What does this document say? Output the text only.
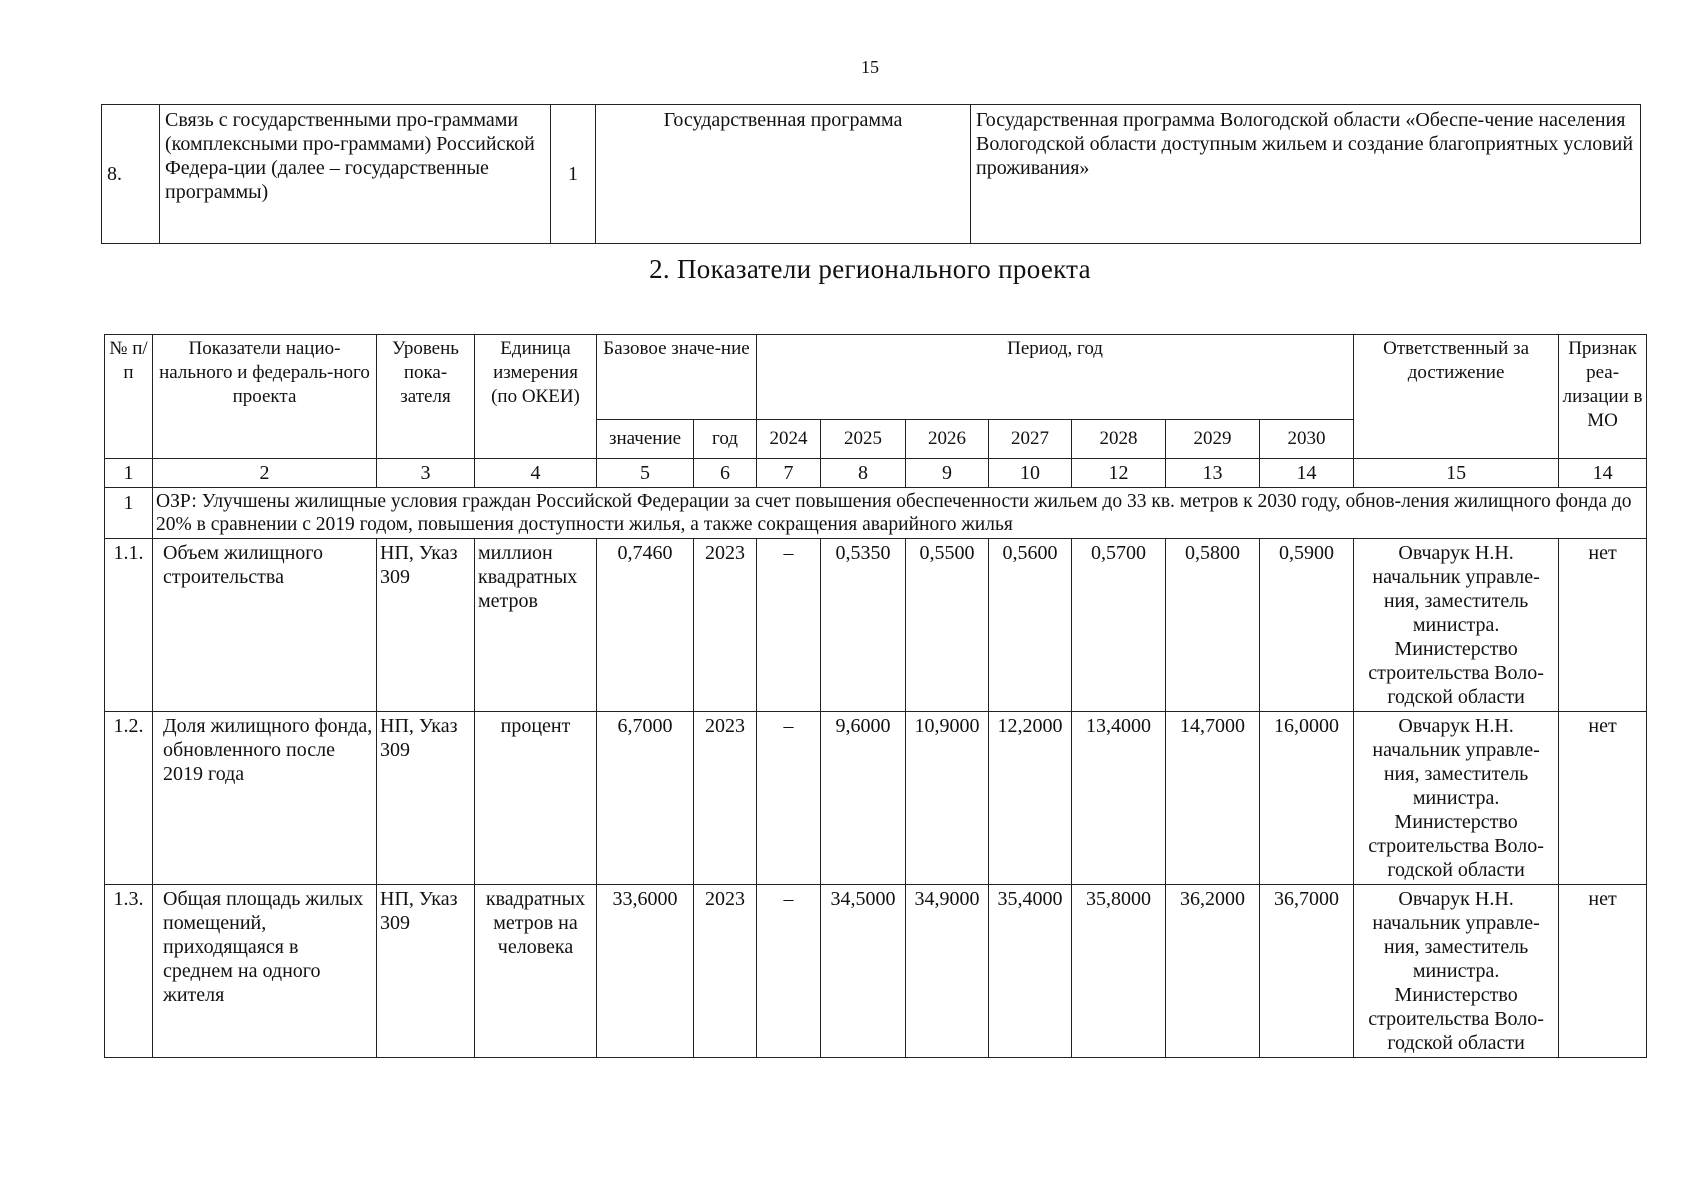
15
8.	Связь с государственными про-граммами (комплексными про-граммами) Российской Федера-ции (далее – государственные программы)	1	Государственная программа	Государственная программа Вологодской области «Обеспе-чение населения Вологодской области доступным жильем и создание благоприятных условий проживания»
2. Показатели регионального проекта
№ п/п	Показатели нацио-нального и федераль-ного проекта	Уровень пока-зателя	Единица измерения (по ОКЕИ)	Базовое значе-ние		Период, год							Ответственный за достижение	Признак реа-лизации в МО
				значение	год	2024	2025	2026	2027	2028	2029	2030		
1	2	3	4	5	6	7	8	9	10	12	13	14	15	14
1	ОЗР: Улучшены жилищные условия граждан Российской Федерации за счет повышения обеспеченности жильем до 33 кв. метров к 2030 году, обнов-ления жилищного фонда до 20% в сравнении с 2019 годом, повышения доступности жилья, а также сокращения аварийного жилья													
1.1.	Объем жилищного строительства	НП, Указ 309	миллион квадратных метров	0,7460	2023	–	0,5350	0,5500	0,5600	0,5700	0,5800	0,5900	Овчарук Н.Н. начальник управле-ния, заместитель министра. Министерство строительства Воло-годской области	нет
1.2.	Доля жилищного фонда, обновленного после 2019 года	НП, Указ 309	процент	6,7000	2023	–	9,6000	10,9000	12,2000	13,4000	14,7000	16,0000	Овчарук Н.Н. начальник управле-ния, заместитель министра. Министерство строительства Воло-годской области	нет
1.3.	Общая площадь жилых помещений, приходящаяся в среднем на одного жителя	НП, Указ 309	квадратных метров на человека	33,6000	2023	–	34,5000	34,9000	35,4000	35,8000	36,2000	36,7000	Овчарук Н.Н. начальник управле-ния, заместитель министра. Министерство строительства Воло-годской области	нет
